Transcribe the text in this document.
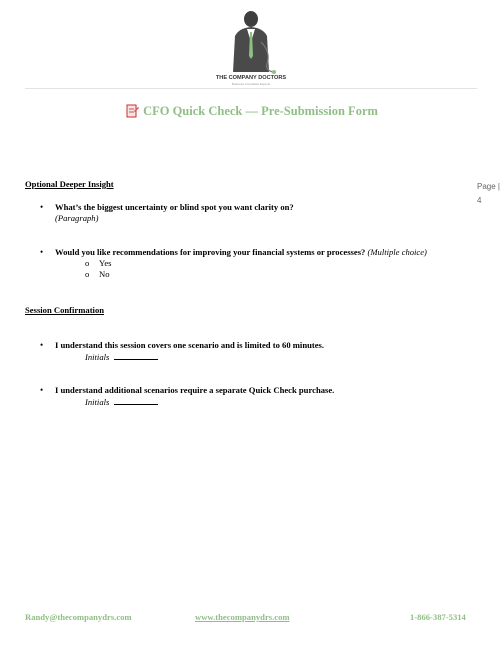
THE COMPANY DOCTORS
Business Consultant Experts
CFO Quick Check — Pre-Submission Form
Page | 4
Optional Deeper Insight
• What’s the biggest uncertainty or blind spot you want clarity on?
(Paragraph)
• Would you like recommendations for improving your financial systems or processes? (Multiple choice)
o Yes
o No
Session Confirmation
• I understand this session covers one scenario and is limited to 60 minutes.
Initials
• I understand additional scenarios require a separate Quick Check purchase.
Initials
Randy@thecompanydrs.com	www.thecompanydrs.com	1-866-387-5314
